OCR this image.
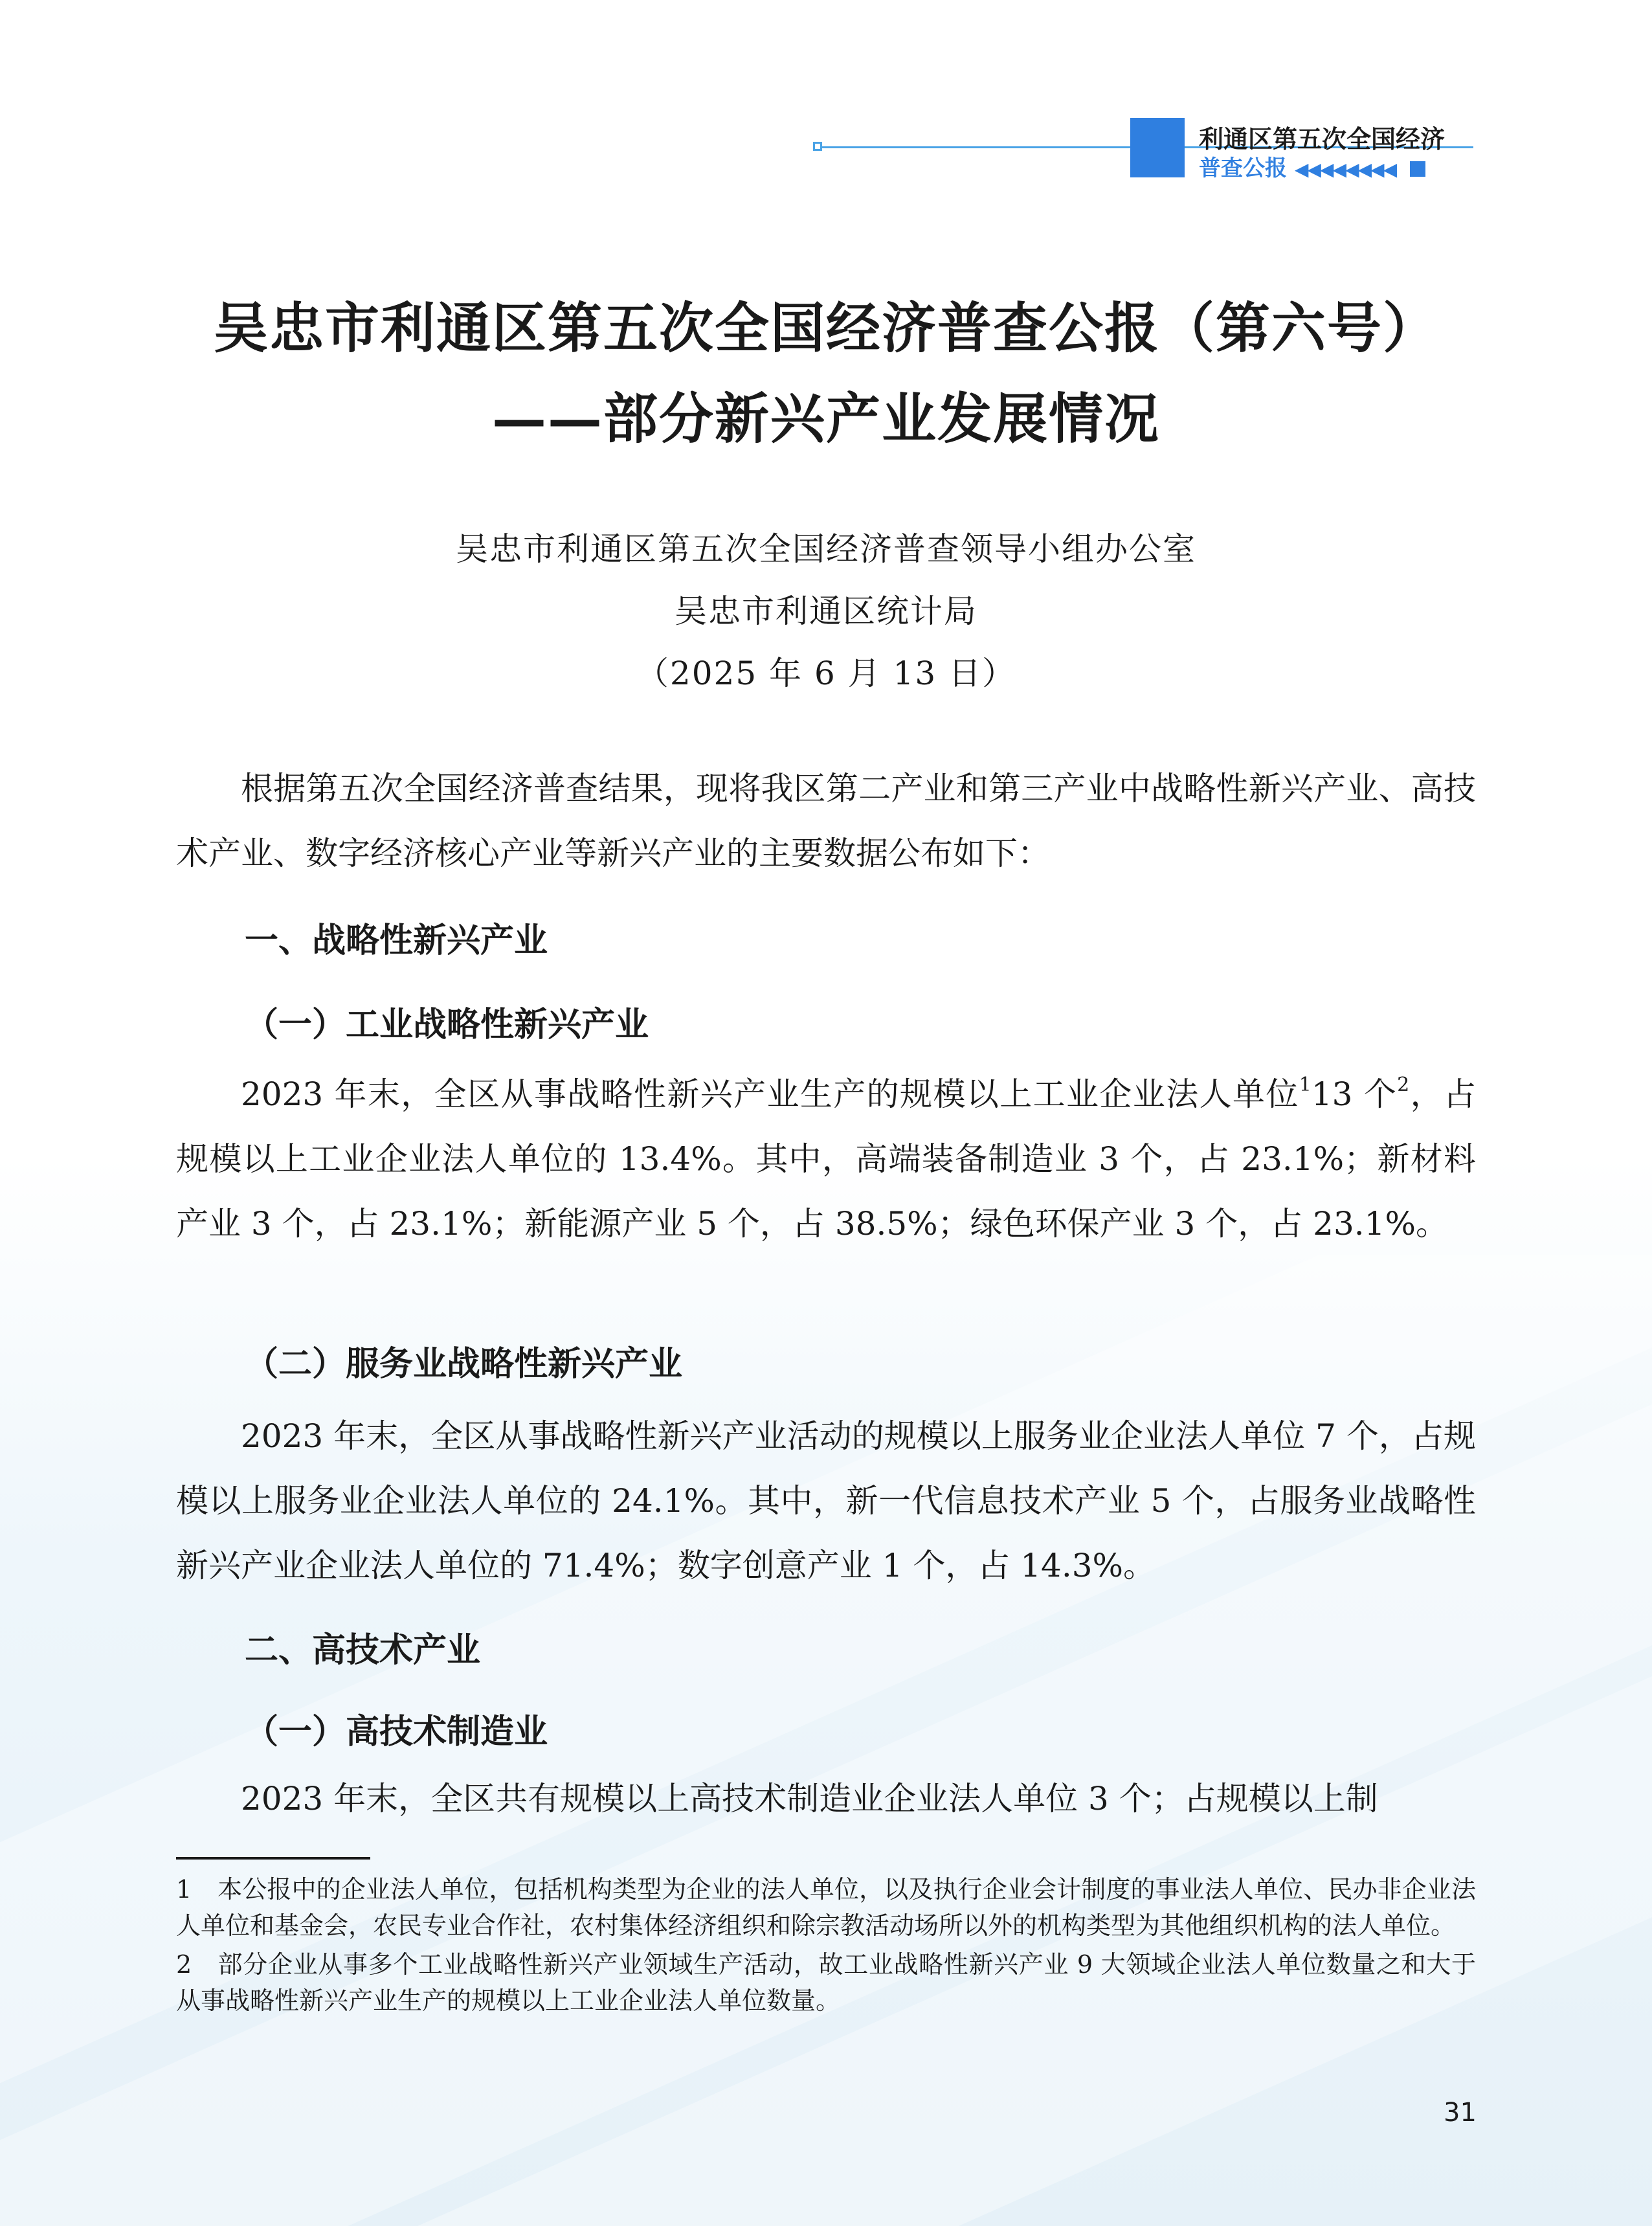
利通区第五次全国经济
普查公报 ◀◀◀◀◀◀◀◀
吴忠市利通区第五次全国经济普查公报（第六号）
——部分新兴产业发展情况
吴忠市利通区第五次全国经济普查领导小组办公室
吴忠市利通区统计局
（2025 年 6 月 13 日）
根据第五次全国经济普查结果，现将我区第二产业和第三产业中战略性新兴产业、高技术产业、数字经济核心产业等新兴产业的主要数据公布如下：
一、战略性新兴产业
（一）工业战略性新兴产业
2023 年末，全区从事战略性新兴产业生产的规模以上工业企业法人单位$^1$13 个$^2$，占规模以上工业企业法人单位的 13.4%。其中，高端装备制造业 3 个，占 23.1%；新材料产业 3 个，占 23.1%；新能源产业 5 个，占 38.5%；绿色环保产业 3 个，占 23.1%。
（二）服务业战略性新兴产业
2023 年末，全区从事战略性新兴产业活动的规模以上服务业企业法人单位 7 个，占规模以上服务业企业法人单位的 24.1%。其中，新一代信息技术产业 5 个，占服务业战略性新兴产业企业法人单位的 71.4%；数字创意产业 1 个，占 14.3%。
二、高技术产业
（一）高技术制造业
2023 年末，全区共有规模以上高技术制造业企业法人单位 3 个；占规模以上制
1 本公报中的企业法人单位，包括机构类型为企业的法人单位，以及执行企业会计制度的事业法人单位、民办非企业法人单位和基金会，农民专业合作社，农村集体经济组织和除宗教活动场所以外的机构类型为其他组织机构的法人单位。
2 部分企业从事多个工业战略性新兴产业领域生产活动，故工业战略性新兴产业 9 大领域企业法人单位数量之和大于从事战略性新兴产业生产的规模以上工业企业法人单位数量。
31
